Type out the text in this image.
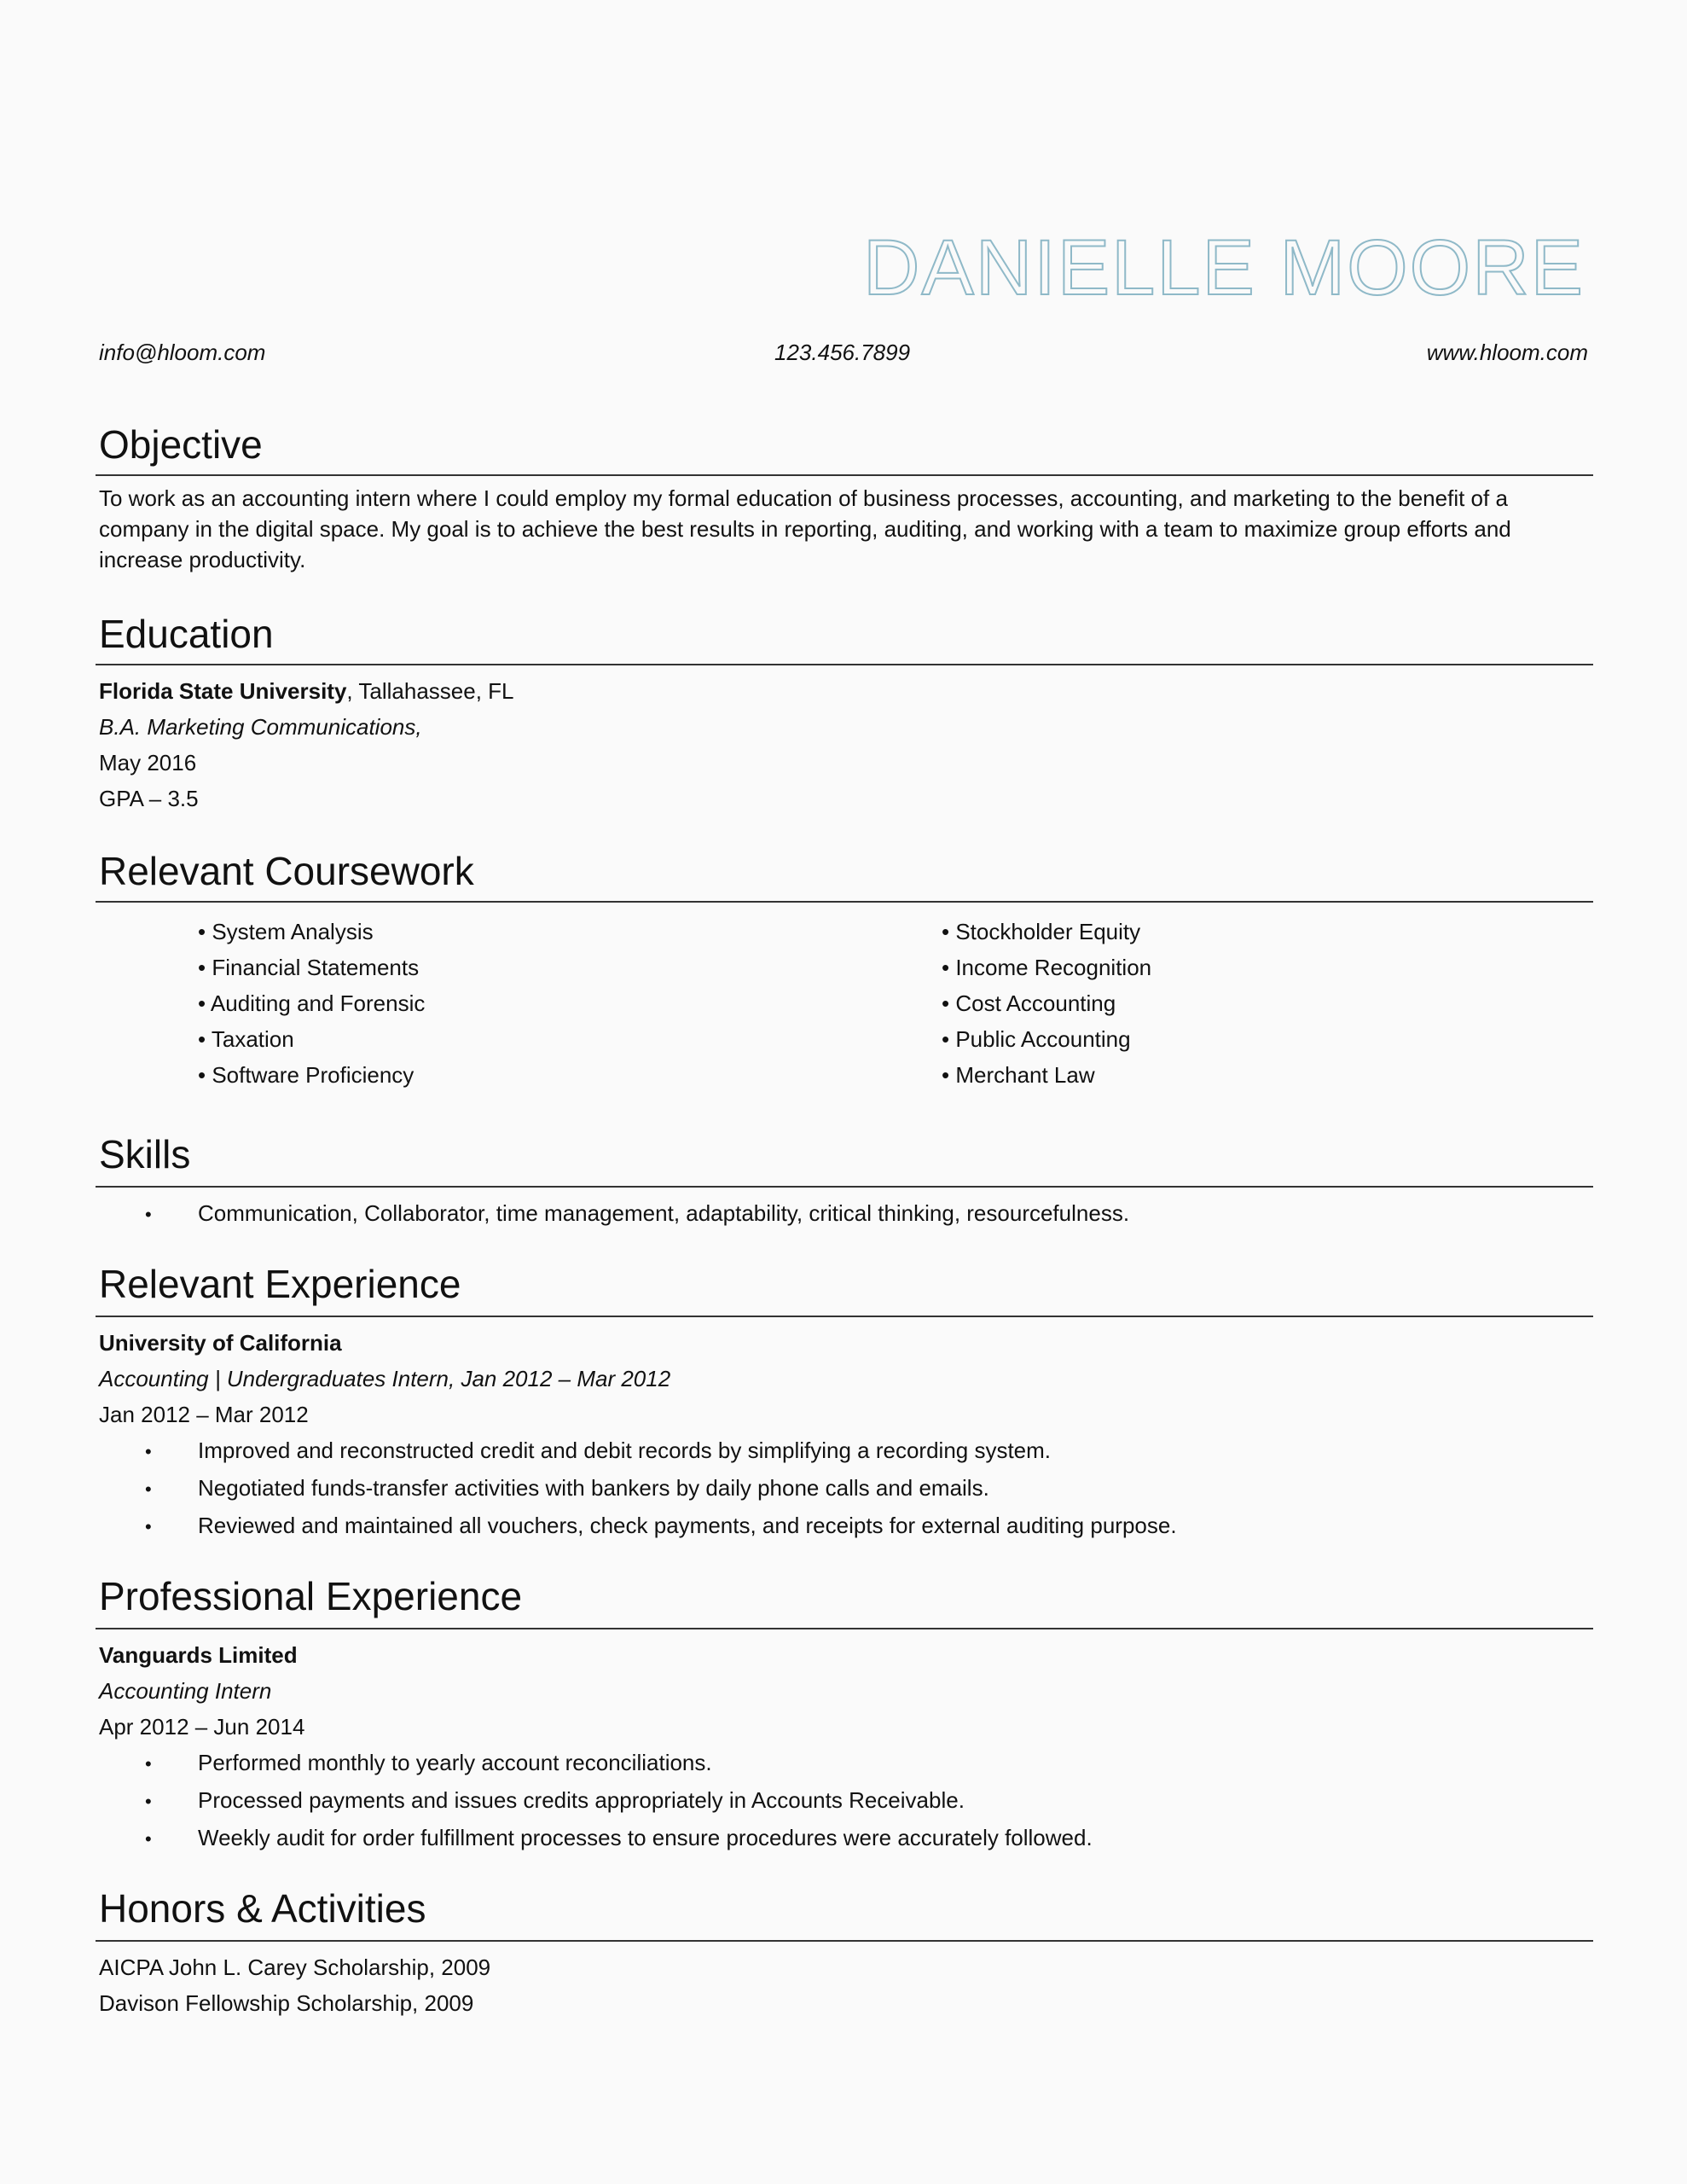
DANIELLE MOORE
info@hloom.com	123.456.7899	www.hloom.com
Objective
To work as an accounting intern where I could employ my formal education of business processes, accounting, and marketing to the benefit of a company in the digital space. My goal is to achieve the best results in reporting, auditing, and working with a team to maximize group efforts and increase productivity.
Education
Florida State University, Tallahassee, FL
B.A. Marketing Communications,
May 2016
GPA – 3.5
Relevant Coursework
• System Analysis
• Financial Statements
• Auditing and Forensic
• Taxation
• Software Proficiency
• Stockholder Equity
• Income Recognition
• Cost Accounting
• Public Accounting
• Merchant Law
Skills
• Communication, Collaborator, time management, adaptability, critical thinking, resourcefulness.
Relevant Experience
University of California
Accounting | Undergraduates Intern, Jan 2012 – Mar 2012
Jan 2012 – Mar 2012
• Improved and reconstructed credit and debit records by simplifying a recording system.
• Negotiated funds-transfer activities with bankers by daily phone calls and emails.
• Reviewed and maintained all vouchers, check payments, and receipts for external auditing purpose.
Professional Experience
Vanguards Limited
Accounting Intern
Apr 2012 – Jun 2014
• Performed monthly to yearly account reconciliations.
• Processed payments and issues credits appropriately in Accounts Receivable.
• Weekly audit for order fulfillment processes to ensure procedures were accurately followed.
Honors & Activities
AICPA John L. Carey Scholarship, 2009
Davison Fellowship Scholarship, 2009
